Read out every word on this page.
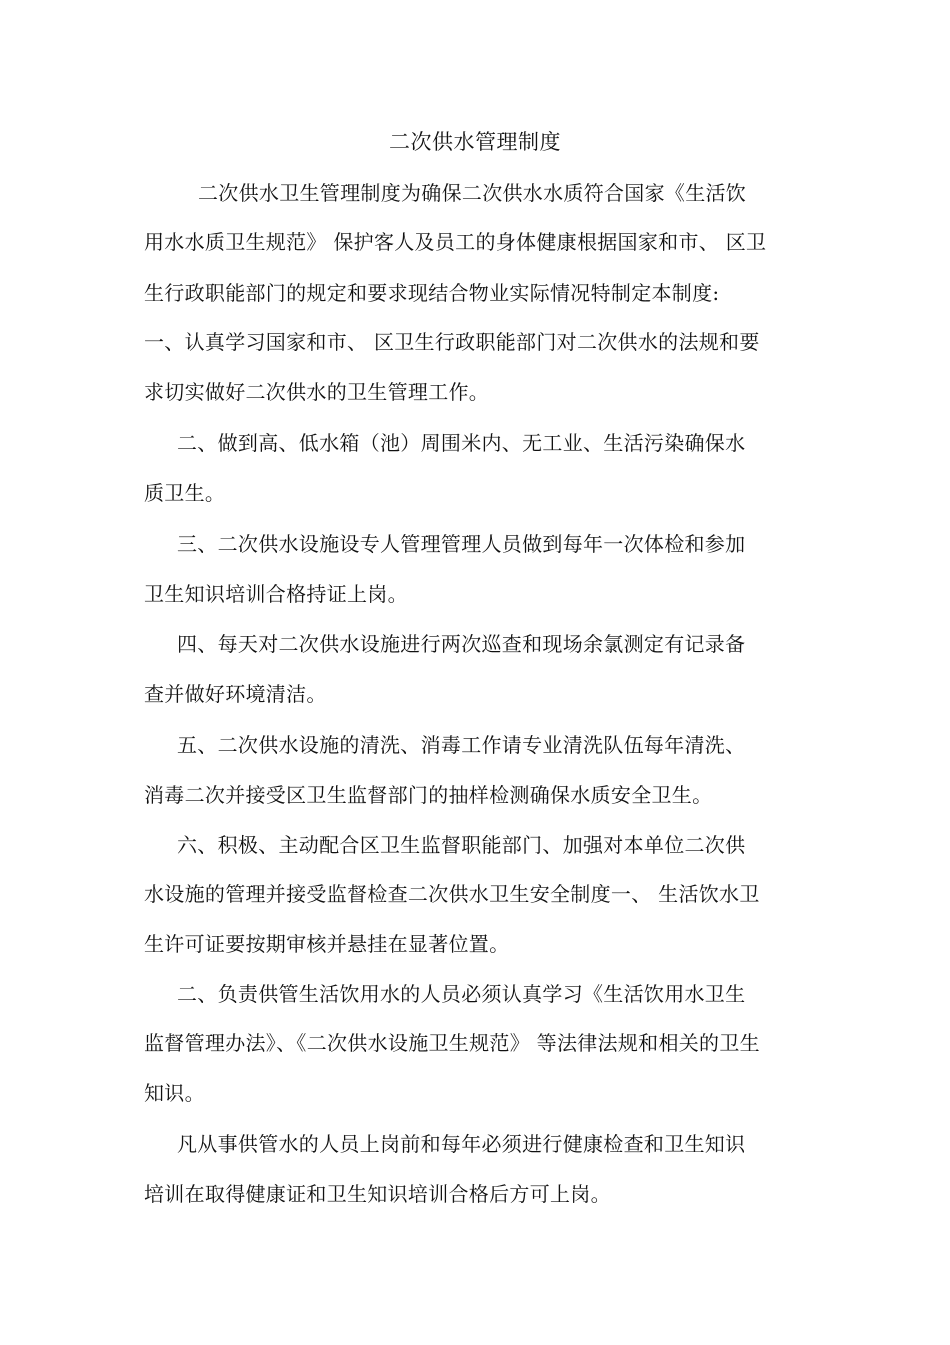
二次供水管理制度
二次供水卫生管理制度为确保二次供水水质符合国家《生活饮
用水水质卫生规范》 保护客人及员工的身体健康根据国家和市、 区卫
生行政职能部门的规定和要求现结合物业实际情况特制定本制度:
一、认真学习国家和市、 区卫生行政职能部门对二次供水的法规和要
求切实做好二次供水的卫生管理工作。
二、做到高、低水箱（池）周围米内、无工业、生活污染确保水
质卫生。
三、二次供水设施设专人管理管理人员做到每年一次体检和参加
卫生知识培训合格持证上岗。
四、每天对二次供水设施进行两次巡查和现场余氯测定有记录备
查并做好环境清洁。
五、二次供水设施的清洗、消毒工作请专业清洗队伍每年清洗、
消毒二次并接受区卫生监督部门的抽样检测确保水质安全卫生。
六、积极、主动配合区卫生监督职能部门、加强对本单位二次供
水设施的管理并接受监督检查二次供水卫生安全制度一、 生活饮水卫
生许可证要按期审核并悬挂在显著位置。
二、负责供管生活饮用水的人员必须认真学习《生活饮用水卫生
监督管理办法》、《二次供水设施卫生规范》 等法律法规和相关的卫生
知识。
凡从事供管水的人员上岗前和每年必须进行健康检查和卫生知识
培训在取得健康证和卫生知识培训合格后方可上岗。
